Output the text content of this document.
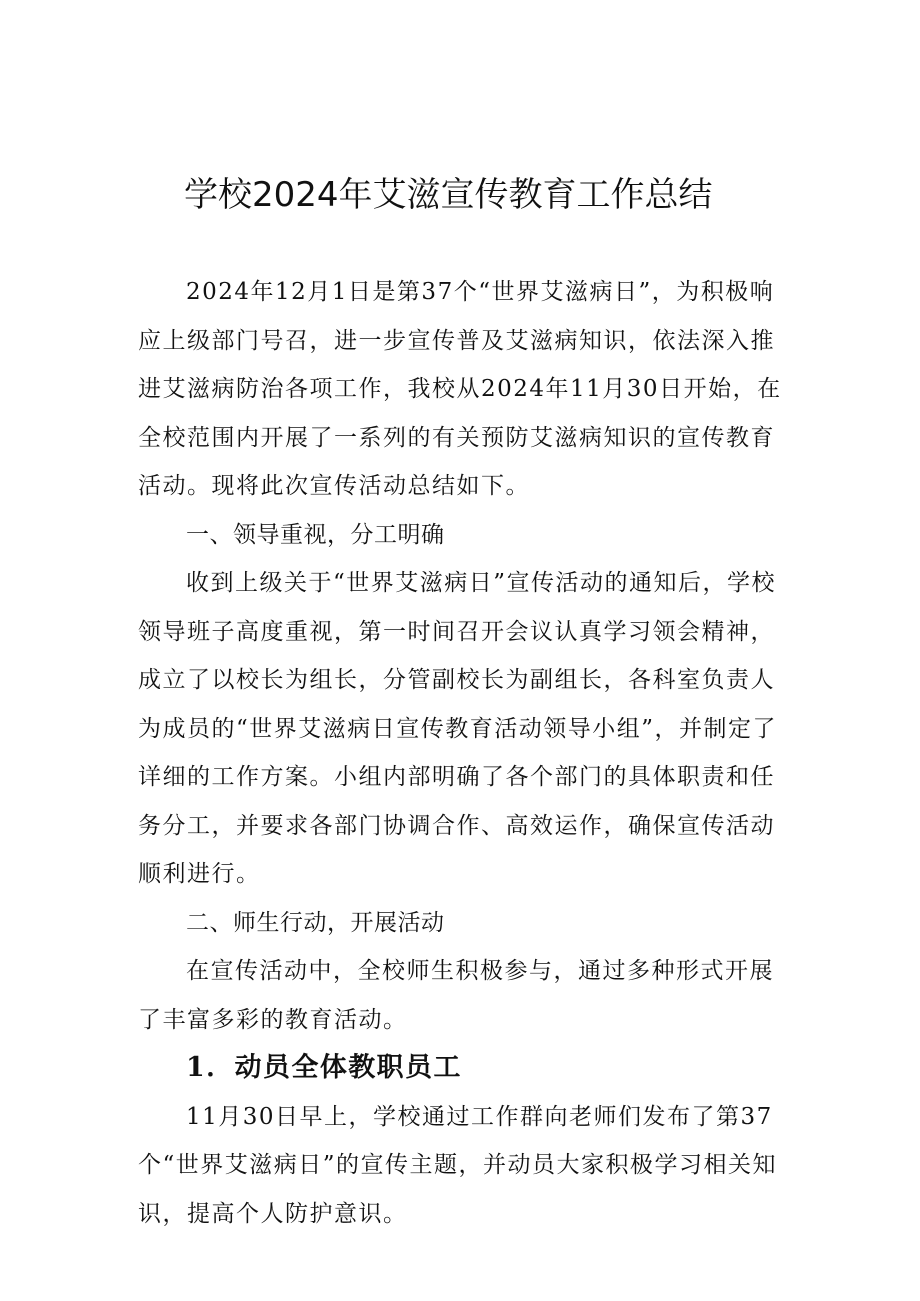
学校2024年艾滋宣传教育工作总结

2024年12月1日是第37个“世界艾滋病日”，为积极响应上级部门号召，进一步宣传普及艾滋病知识，依法深入推进艾滋病防治各项工作，我校从2024年11月30日开始，在全校范围内开展了一系列的有关预防艾滋病知识的宣传教育活动。现将此次宣传活动总结如下。

一、领导重视，分工明确

收到上级关于“世界艾滋病日”宣传活动的通知后，学校领导班子高度重视，第一时间召开会议认真学习领会精神，成立了以校长为组长，分管副校长为副组长，各科室负责人为成员的“世界艾滋病日宣传教育活动领导小组”，并制定了详细的工作方案。小组内部明确了各个部门的具体职责和任务分工，并要求各部门协调合作、高效运作，确保宣传活动顺利进行。

二、师生行动，开展活动

在宣传活动中，全校师生积极参与，通过多种形式开展了丰富多彩的教育活动。

1．动员全体教职员工

11月30日早上，学校通过工作群向老师们发布了第37个“世界艾滋病日”的宣传主题，并动员大家积极学习相关知识，提高个人防护意识。
